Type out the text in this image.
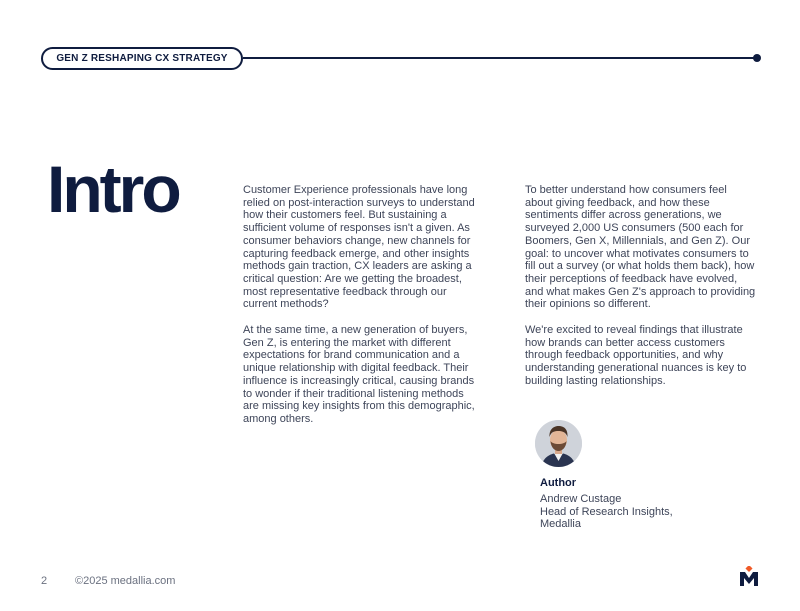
GEN Z RESHAPING CX STRATEGY
Intro	Customer Experience professionals have long relied on post-interaction surveys to understand how their customers feel. But sustaining a sufficient volume of responses isn't a given. As consumer behaviors change, new channels for capturing feedback emerge, and other insights methods gain traction, CX leaders are asking a critical question: Are we getting the broadest, most representative feedback through our current methods?

At the same time, a new generation of buyers, Gen Z, is entering the market with different expectations for brand communication and a unique relationship with digital feedback. Their influence is increasingly critical, causing brands to wonder if their traditional listening methods are missing key insights from this demographic, among others.

To better understand how consumers feel about giving feedback, and how these sentiments differ across generations, we surveyed 2,000 US consumers (500 each for Boomers, Gen X, Millennials, and Gen Z). Our goal: to uncover what motivates consumers to fill out a survey (or what holds them back), how their perceptions of feedback have evolved, and what makes Gen Z's approach to providing their opinions so different.

We're excited to reveal findings that illustrate how brands can better access customers through feedback opportunities, and why understanding generational nuances is key to building lasting relationships.

Author
Andrew Custage
Head of Research Insights,
Medallia
2	©2025 medallia.com
